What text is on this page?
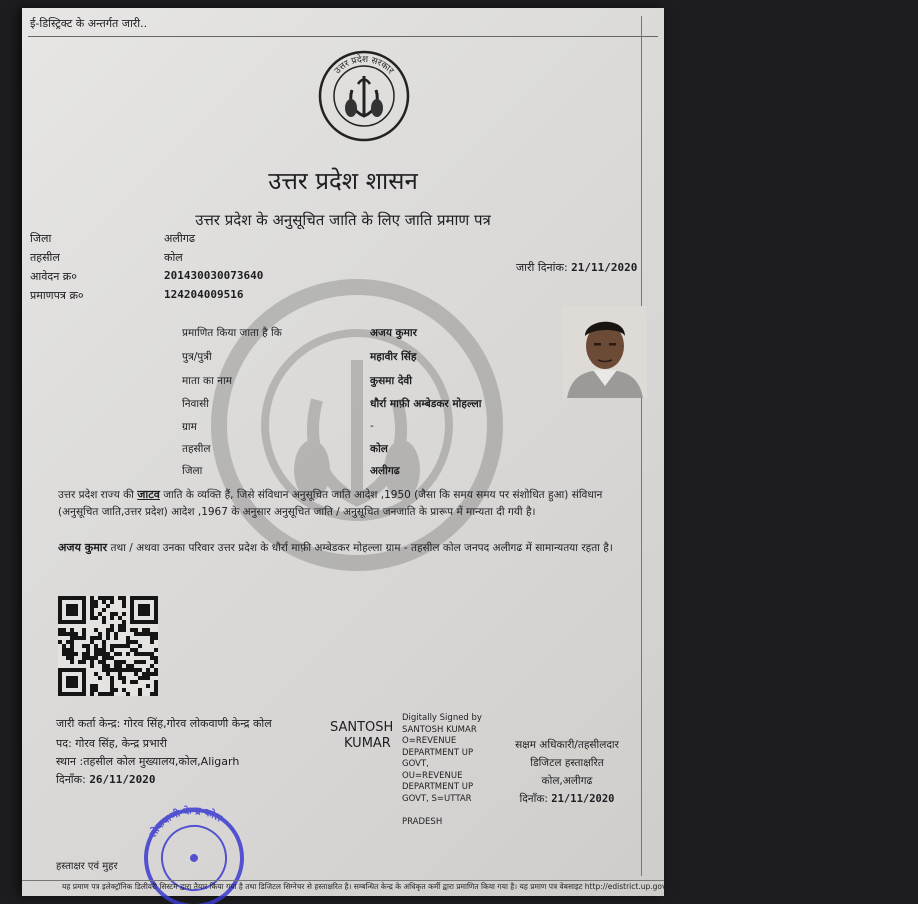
ई-डिस्ट्रिक्ट के अन्तर्गत जारी..
उत्तर प्रदेश सरकार
उत्तर प्रदेश शासन
उत्तर प्रदेश के अनुसूचित जाति के लिए जाति प्रमाण पत्र
जिला	अलीगढ
तहसील	कोल
आवेदन क्र०	201430030073640
प्रमाणपत्र क्र०	124204009516
जारी दिनांक: 21/11/2020
प्रमाणित किया जाता है कि	अजय कुमार
पुत्र/पुत्री	महावीर सिंह
माता का नाम	कुसमा देवी
निवासी	धौर्रा माफ़ी अम्बेडकर मोहल्ला
ग्राम	-
तहसील	कोल
जिला	अलीगढ
उत्तर प्रदेश राज्य की जाटव जाति के व्यक्ति हैं, जिसे संविधान अनुसूचित जाति आदेश ,1950 (जैसा कि समय समय पर संशोधित हुआ) संविधान (अनुसूचित जाति,उत्तर प्रदेश) आदेश ,1967 के अनुसार अनुसूचित जाति / अनुसूचित जनजाति के प्रारूप में मान्यता दी गयी है।
अजय कुमार तथा / अथवा उनका परिवार उत्तर प्रदेश के धौर्रा माफ़ी अम्बेडकर मोहल्ला ग्राम - तहसील कोल जनपद अलीगढ में सामान्यतया रहता है।
जारी कर्ता केन्द्र: गोरव सिंह,गोरव लोकवाणी केन्द्र कोल
पद: गोरव सिंह, केन्द्र प्रभारी
स्थान :तहसील कोल मुख्यालय,कोल,Aligarh
दिनाँक: 26/11/2020
SANTOSH
KUMAR
Digitally Signed by
SANTOSH KUMAR
O=REVENUE
DEPARTMENT UP
GOVT,
OU=REVENUE
DEPARTMENT UP
GOVT, S=UTTAR

PRADESH
सक्षम अधिकारी/तहसीलदार
डिजिटल हस्ताक्षरित
कोल,अलीगढ
दिनाँक: 21/11/2020
हस्ताक्षर एवं मुहर
लोकवाणी केन्द्र कोल
यह प्रमाण पत्र इलेक्ट्रॉनिक डिलीवरी सिस्टम द्वारा तैयार किया गया है तथा डिजिटल सिग्नेचर से हस्ताक्षरित है। सम्बन्धित केन्द्र के अधिकृत कर्मी द्वारा प्रमाणित किया गया है। यह प्रमाण पत्र वेबसाइट http://edistrict.up.gov.in पर इसका पहले आवेदन क्र० फिर प्रमाणपत्र क्र० अंकित कर,सत्यापित किया जा सकता है।
